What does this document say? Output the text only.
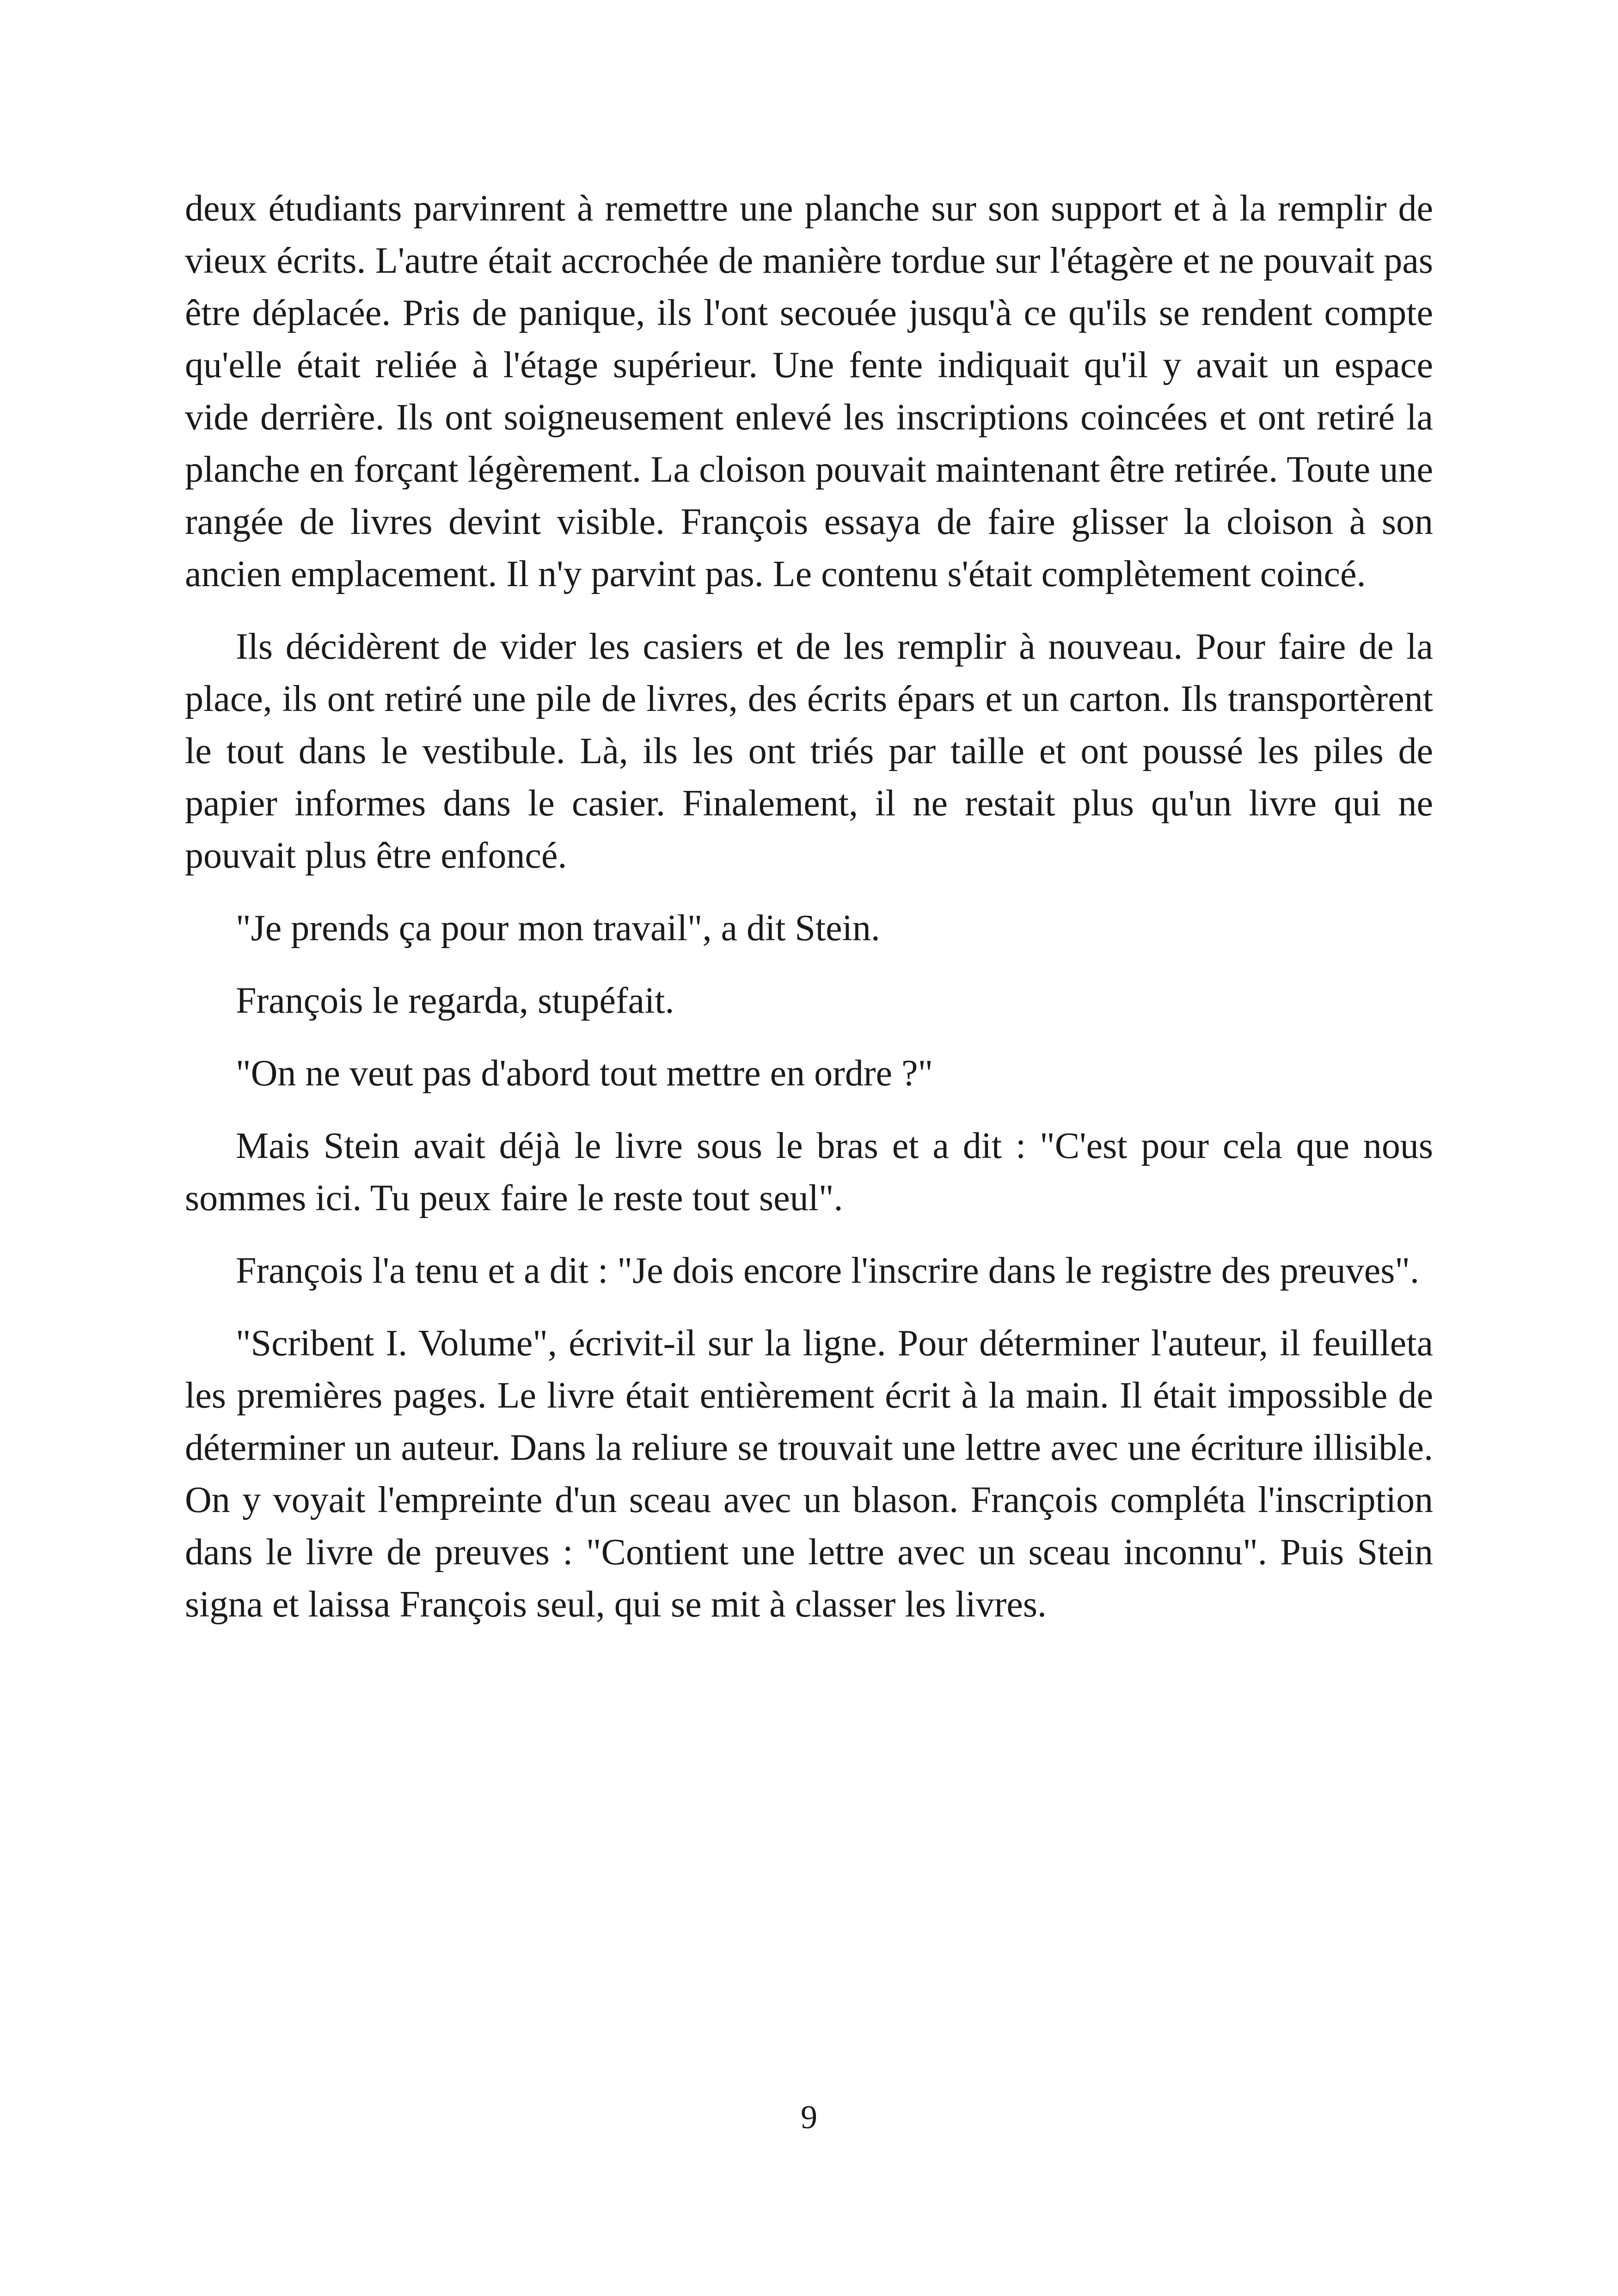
deux étudiants parvinrent à remettre une planche sur son support et à la remplir de vieux écrits. L'autre était accrochée de manière tordue sur l'étagère et ne pouvait pas être déplacée. Pris de panique, ils l'ont secouée jusqu'à ce qu'ils se rendent compte qu'elle était reliée à l'étage supérieur. Une fente indiquait qu'il y avait un espace vide derrière. Ils ont soigneusement enlevé les inscriptions coincées et ont retiré la planche en forçant légèrement. La cloison pouvait maintenant être retirée. Toute une rangée de livres devint visible. François essaya de faire glisser la cloison à son ancien emplacement. Il n'y parvint pas. Le contenu s'était complètement coincé.

Ils décidèrent de vider les casiers et de les remplir à nouveau. Pour faire de la place, ils ont retiré une pile de livres, des écrits épars et un carton. Ils transportèrent le tout dans le vestibule. Là, ils les ont triés par taille et ont poussé les piles de papier informes dans le casier. Finalement, il ne restait plus qu'un livre qui ne pouvait plus être enfoncé.

"Je prends ça pour mon travail", a dit Stein.

François le regarda, stupéfait.

"On ne veut pas d'abord tout mettre en ordre ?"

Mais Stein avait déjà le livre sous le bras et a dit : "C'est pour cela que nous sommes ici. Tu peux faire le reste tout seul".

François l'a tenu et a dit : "Je dois encore l'inscrire dans le registre des preuves".

"Scribent I. Volume", écrivit-il sur la ligne. Pour déterminer l'auteur, il feuilleta les premières pages. Le livre était entièrement écrit à la main. Il était impossible de déterminer un auteur. Dans la reliure se trouvait une lettre avec une écriture illisible. On y voyait l'empreinte d'un sceau avec un blason. François compléta l'inscription dans le livre de preuves : "Contient une lettre avec un sceau inconnu". Puis Stein signa et laissa François seul, qui se mit à classer les livres.

9
